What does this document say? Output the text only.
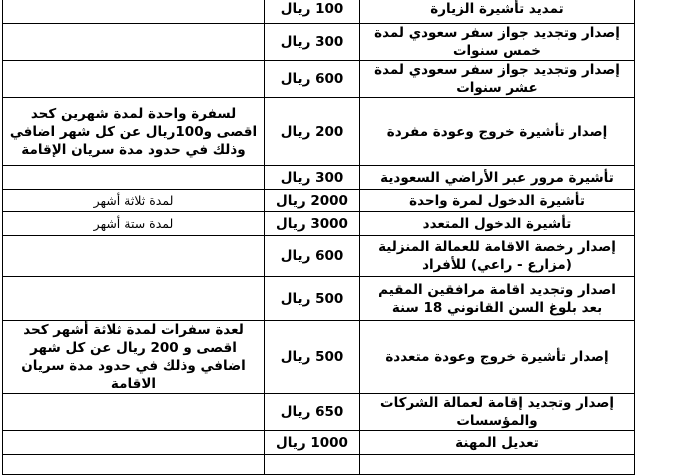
	100 ريال	تمديد تأشيرة الزيارة
	300 ريال	إصدار وتجديد جواز سفر سعودي لمدة خمس سنوات
	600 ريال	إصدار وتجديد جواز سفر سعودي لمدة عشر سنوات
لسفرة واحدة لمدة شهرين كحد اقصى و100ريال عن كل شهر اضافي وذلك في حدود مدة سريان الإقامة	200 ريال	إصدار تأشيرة خروج وعودة مفردة
	300 ريال	تأشيرة مرور عبر الأراضي السعودية
لمدة ثلاثة أشهر	2000 ريال	تأشيرة الدخول لمرة واحدة
لمدة ستة أشهر	3000 ريال	تأشيرة الدخول المتعدد
	600 ريال	إصدار رخصة الاقامة للعمالة المنزلية (مزارع - راعي) للأفراد
	500 ريال	اصدار وتجديد اقامة مرافقين المقيم بعد بلوغ السن القانوني 18 سنة
لعدة سفرات لمدة ثلاثة أشهر كحد اقصى و 200 ريال عن كل شهر اضافي وذلك في حدود مدة سريان الاقامة	500 ريال	إصدار تأشيرة خروج وعودة متعددة
	650 ريال	إصدار وتجديد إقامة لعمالة الشركات والمؤسسات
	1000 ريال	تعديل المهنة
